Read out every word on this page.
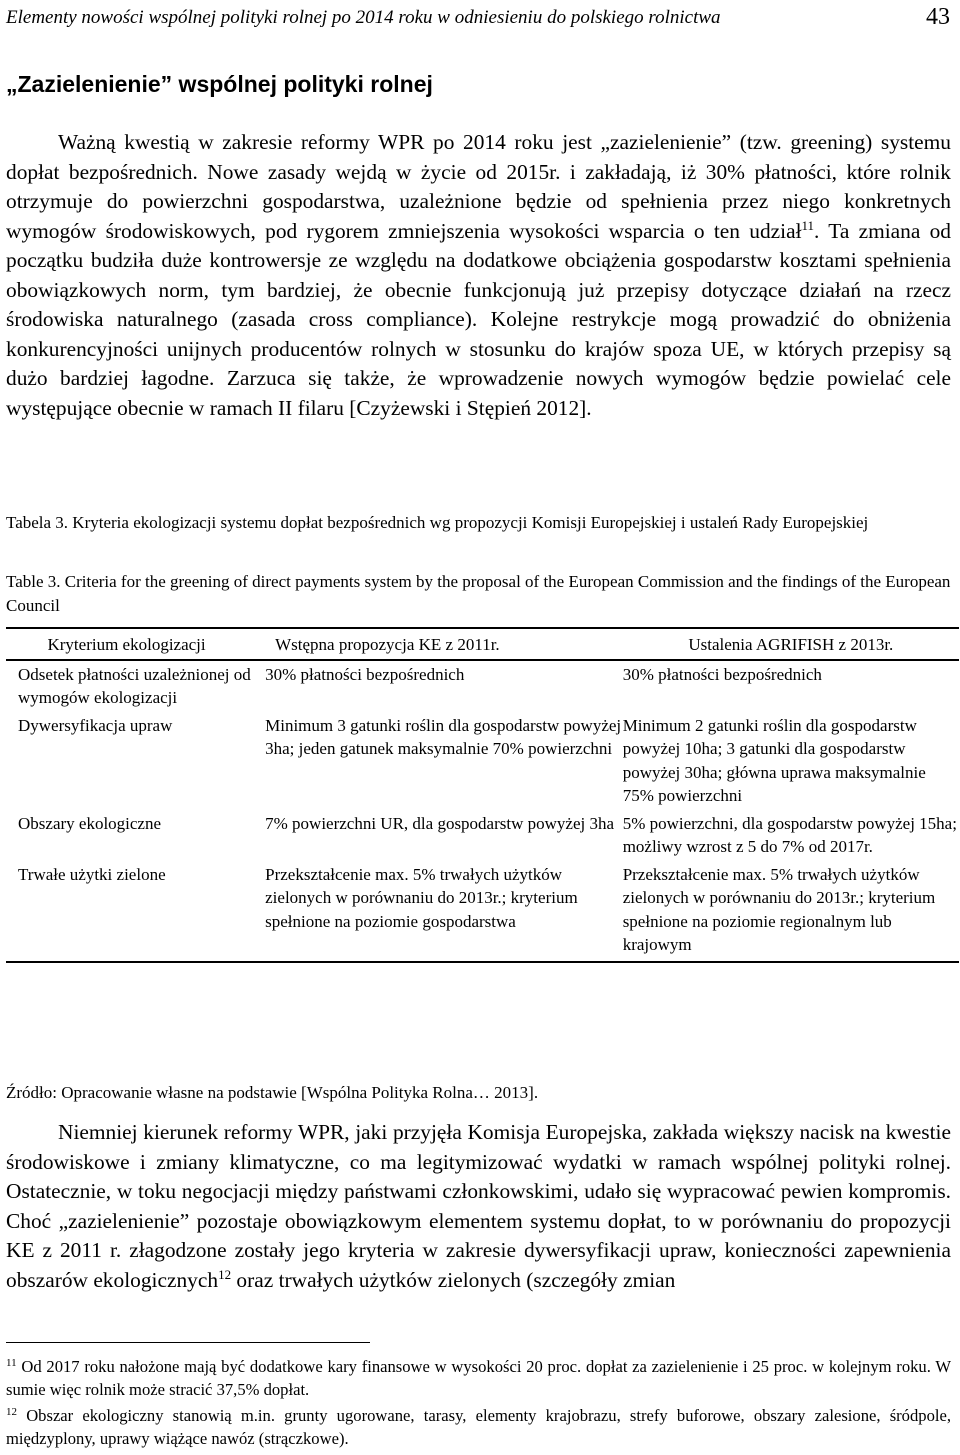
Elementy nowości wspólnej polityki rolnej po 2014 roku w odniesieniu do polskiego rolnictwa	43
„Zazielenienie” wspólnej polityki rolnej

Ważną kwestią w zakresie reformy WPR po 2014 roku jest „zazielenienie” (tzw. greening) systemu dopłat bezpośrednich. Nowe zasady wejdą w życie od 2015r. i zakładają, iż 30% płatności, które rolnik otrzymuje do powierzchni gospodarstwa, uzależnione będzie od spełnienia przez niego konkretnych wymogów środowiskowych, pod rygorem zmniejszenia wysokości wsparcia o ten udział$^{11}$. Ta zmiana od początku budziła duże kontrowersje ze względu na dodatkowe obciążenia gospodarstw kosztami spełnienia obowiązkowych norm, tym bardziej, że obecnie funkcjonują już przepisy dotyczące działań na rzecz środowiska naturalnego (zasada cross compliance). Kolejne restrykcje mogą prowadzić do obniżenia konkurencyjności unijnych producentów rolnych w stosunku do krajów spoza UE, w których przepisy są dużo bardziej łagodne. Zarzuca się także, że wprowadzenie nowych wymogów będzie powielać cele występujące obecnie w ramach II filaru [Czyżewski i Stępień 2012].

Tabela 3. Kryteria ekologizacji systemu dopłat bezpośrednich wg propozycji Komisji Europejskiej i ustaleń Rady Europejskiej
Table 3. Criteria for the greening of direct payments system by the proposal of the European Commission and the findings of the European Council
Kryterium ekologizacji	Wstępna propozycja KE z 2011r.	Ustalenia AGRIFISH z 2013r.
Odsetek płatności uzależnionej od wymogów ekologizacji	30% płatności bezpośrednich	30% płatności bezpośrednich
Dywersyfikacja upraw	Minimum 3 gatunki roślin dla gospodarstw powyżej 3ha; jeden gatunek maksymalnie 70% powierzchni	Minimum 2 gatunki roślin dla gospodarstw powyżej 10ha; 3 gatunki dla gospodarstw powyżej 30ha; główna uprawa maksymalnie 75% powierzchni
Obszary ekologiczne	7% powierzchni UR, dla gospodarstw powyżej 3ha	5% powierzchni, dla gospodarstw powyżej 15ha; możliwy wzrost z 5 do 7% od 2017r.
Trwałe użytki zielone	Przekształcenie max. 5% trwałych użytków zielonych w porównaniu do 2013r.; kryterium spełnione na poziomie gospodarstwa	Przekształcenie max. 5% trwałych użytków zielonych w porównaniu do 2013r.; kryterium spełnione na poziomie regionalnym lub krajowym
Źródło: Opracowanie własne na podstawie [Wspólna Polityka Rolna… 2013].

Niemniej kierunek reformy WPR, jaki przyjęła Komisja Europejska, zakłada większy nacisk na kwestie środowiskowe i zmiany klimatyczne, co ma legitymizować wydatki w ramach wspólnej polityki rolnej. Ostatecznie, w toku negocjacji między państwami członkowskimi, udało się wypracować pewien kompromis. Choć „zazielenienie” pozostaje obowiązkowym elementem systemu dopłat, to w porównaniu do propozycji KE z 2011 r. złagodzone zostały jego kryteria w zakresie dywersyfikacji upraw, konieczności zapewnienia obszarów ekologicznych$^{12}$ oraz trwałych użytków zielonych (szczegóły zmian

$^{11}$ Od 2017 roku nałożone mają być dodatkowe kary finansowe w wysokości 20 proc. dopłat za zazielenienie i 25 proc. w kolejnym roku. W sumie więc rolnik może stracić 37,5% dopłat.
$^{12}$ Obszar ekologiczny stanowią m.in. grunty ugorowane, tarasy, elementy krajobrazu, strefy buforowe, obszary zalesione, śródpole, międzyplony, uprawy wiążące nawóz (strączkowe).
